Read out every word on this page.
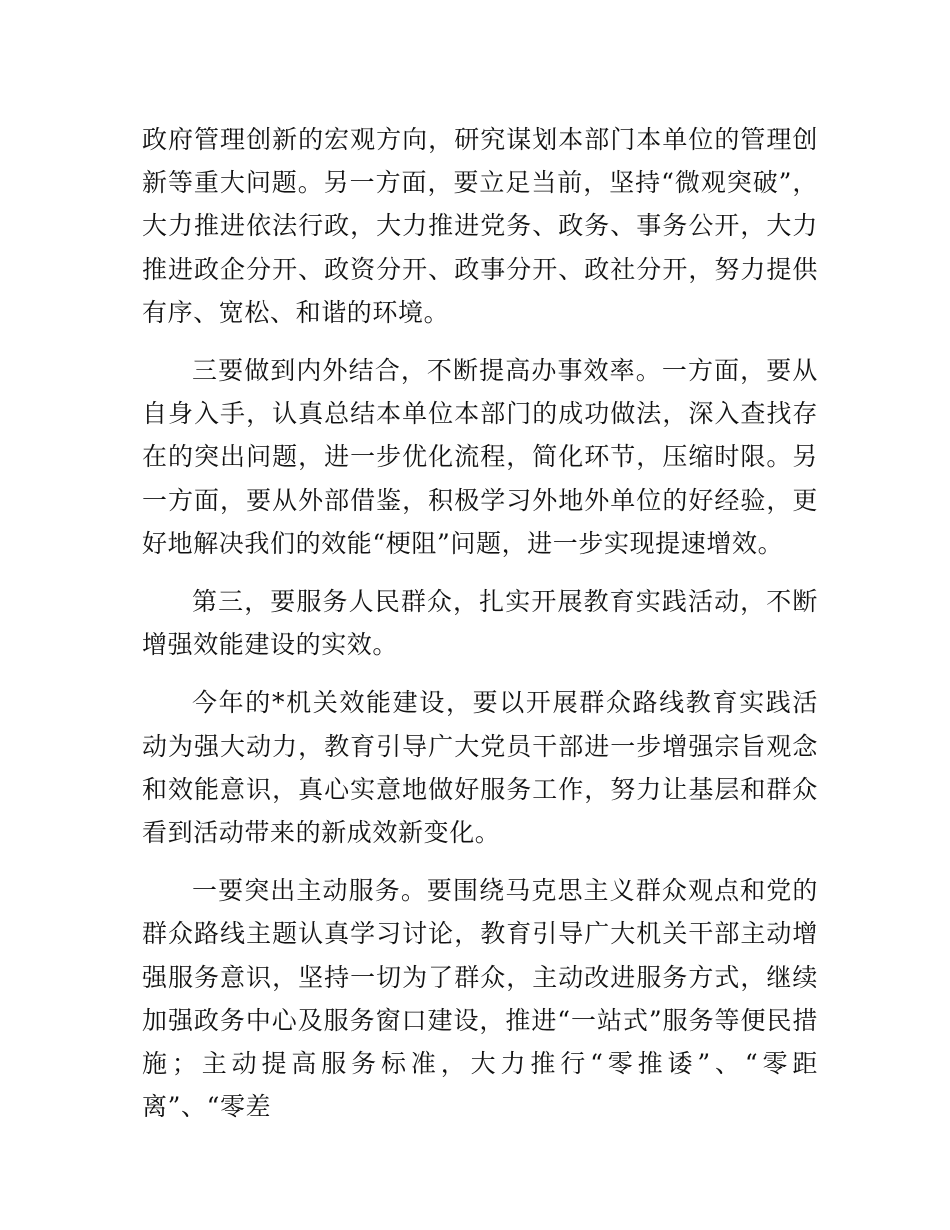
政府管理创新的宏观方向，研究谋划本部门本单位的管理创新等重大问题。另一方面，要立足当前，坚持“微观突破”，大力推进依法行政，大力推进党务、政务、事务公开，大力推进政企分开、政资分开、政事分开、政社分开，努力提供有序、宽松、和谐的环境。

三要做到内外结合，不断提高办事效率。一方面，要从自身入手，认真总结本单位本部门的成功做法，深入查找存在的突出问题，进一步优化流程，简化环节，压缩时限。另一方面，要从外部借鉴，积极学习外地外单位的好经验，更好地解决我们的效能“梗阻”问题，进一步实现提速增效。

第三，要服务人民群众，扎实开展教育实践活动，不断增强效能建设的实效。

今年的*机关效能建设，要以开展群众路线教育实践活动为强大动力，教育引导广大党员干部进一步增强宗旨观念和效能意识，真心实意地做好服务工作，努力让基层和群众看到活动带来的新成效新变化。

一要突出主动服务。要围绕马克思主义群众观点和党的群众路线主题认真学习讨论，教育引导广大机关干部主动增强服务意识，坚持一切为了群众，主动改进服务方式，继续加强政务中心及服务窗口建设，推进“一站式”服务等便民措施；主动提高服务标准，大力推行“零推诿”、“零距离”、“零差
